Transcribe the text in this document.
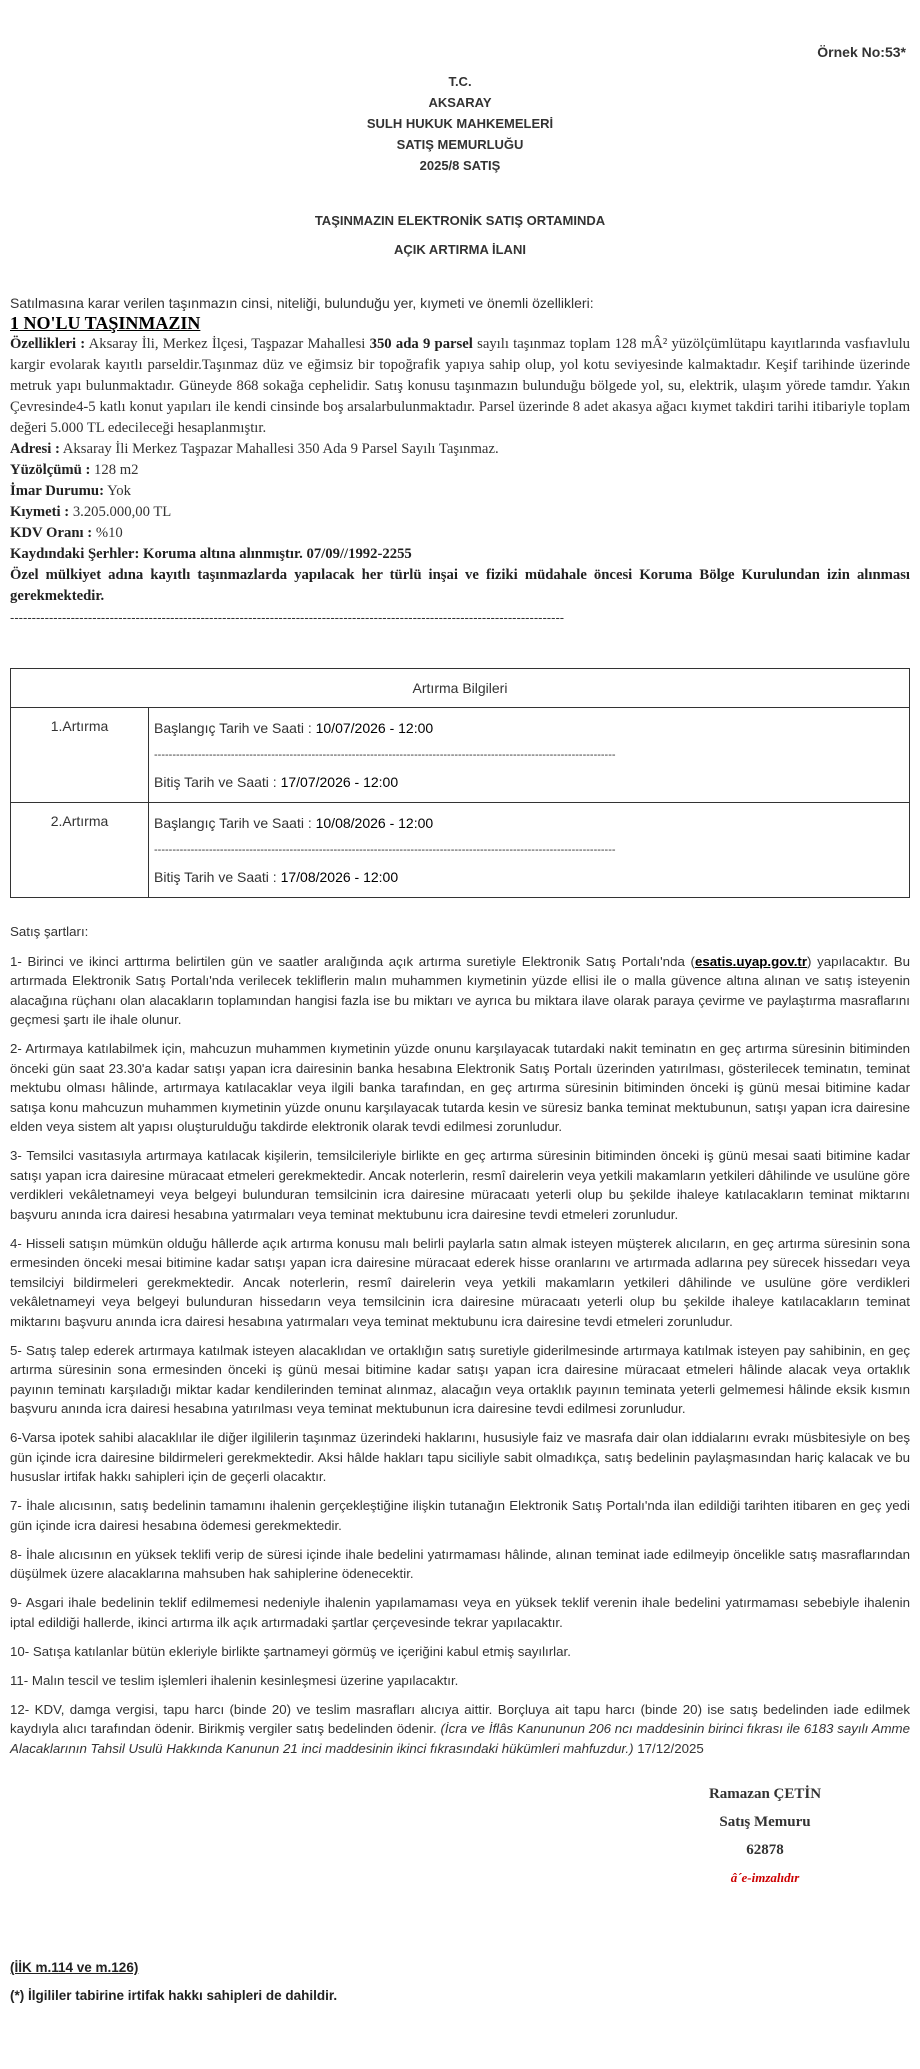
Örnek No:53*
T.C.
AKSARAY
SULH HUKUK MAHKEMELERİ
SATIŞ MEMURLUĞU
2025/8 SATIŞ
TAŞINMAZIN ELEKTRONİK SATIŞ ORTAMINDA
AÇIK ARTIRMA İLANI
Satılmasına karar verilen taşınmazın cinsi, niteliği, bulunduğu yer, kıymeti ve önemli özellikleri:

1 NO'LU TAŞINMAZIN

Özellikleri : Aksaray İli, Merkez İlçesi, Taşpazar Mahallesi 350 ada 9 parsel sayılı taşınmaz toplam 128 mÂ² yüzölçümlütapu kayıtlarında vasfıavlulu kargir evolarak kayıtlı parseldir.Taşınmaz düz ve eğimsiz bir topoğrafik yapıya sahip olup, yol kotu seviyesinde kalmaktadır. Keşif tarihinde üzerinde metruk yapı bulunmaktadır. Güneyde 868 sokağa cephelidir. Satış konusu taşınmazın bulunduğu bölgede yol, su, elektrik, ulaşım yörede tamdır. Yakın Çevresinde4-5 katlı konut yapıları ile kendi cinsinde boş arsalarbulunmaktadır. Parsel üzerinde 8 adet akasya ağacı kıymet takdiri tarihi itibariyle toplam değeri 5.000 TL edecileceği hesaplanmıştır.

Adresi : Aksaray İli Merkez Taşpazar Mahallesi 350 Ada 9 Parsel Sayılı Taşınmaz.

Yüzölçümü : 128 m2

İmar Durumu: Yok

Kıymeti : 3.205.000,00 TL

KDV Oranı : %10

Kaydındaki Şerhler: Koruma altına alınmıştır. 07/09//1992-2255

Özel mülkiyet adına kayıtlı taşınmazlarda yapılacak her türlü inşai ve fiziki müdahale öncesi Koruma Bölge Kurulundan izin alınması gerekmektedir.

--------------------------------------------------------------------------------------------------------------------------------
Artırma Bilgileri	
1.Artırma	Başlangıç Tarih ve Saati : 10/07/2026 - 12:00
------------------------------------------------------------------------------------------------------------------------------
Bitiş Tarih ve Saati : 17/07/2026 - 12:00

2.Artırma	Başlangıç Tarih ve Saati : 10/08/2026 - 12:00
------------------------------------------------------------------------------------------------------------------------------
Bitiş Tarih ve Saati : 17/08/2026 - 12:00

Satış şartları:

1- Birinci ve ikinci arttırma belirtilen gün ve saatler aralığında açık artırma suretiyle Elektronik Satış Portalı'nda (esatis.uyap.gov.tr) yapılacaktır. Bu artırmada Elektronik Satış Portalı'nda verilecek tekliflerin malın muhammen kıymetinin yüzde ellisi ile o malla güvence altına alınan ve satış isteyenin alacağına rüçhanı olan alacakların toplamından hangisi fazla ise bu miktarı ve ayrıca bu miktara ilave olarak paraya çevirme ve paylaştırma masraflarını geçmesi şartı ile ihale olunur.

2- Artırmaya katılabilmek için, mahcuzun muhammen kıymetinin yüzde onunu karşılayacak tutardaki nakit teminatın en geç artırma süresinin bitiminden önceki gün saat 23.30'a kadar satışı yapan icra dairesinin banka hesabına Elektronik Satış Portalı üzerinden yatırılması, gösterilecek teminatın, teminat mektubu olması hâlinde, artırmaya katılacaklar veya ilgili banka tarafından, en geç artırma süresinin bitiminden önceki iş günü mesai bitimine kadar satışa konu mahcuzun muhammen kıymetinin yüzde onunu karşılayacak tutarda kesin ve süresiz banka teminat mektubunun, satışı yapan icra dairesine elden veya sistem alt yapısı oluşturulduğu takdirde elektronik olarak tevdi edilmesi zorunludur.

3- Temsilci vasıtasıyla artırmaya katılacak kişilerin, temsilcileriyle birlikte en geç artırma süresinin bitiminden önceki iş günü mesai saati bitimine kadar satışı yapan icra dairesine müracaat etmeleri gerekmektedir. Ancak noterlerin, resmî dairelerin veya yetkili makamların yetkileri dâhilinde ve usulüne göre verdikleri vekâletnameyi veya belgeyi bulunduran temsilcinin icra dairesine müracaatı yeterli olup bu şekilde ihaleye katılacakların teminat miktarını başvuru anında icra dairesi hesabına yatırmaları veya teminat mektubunu icra dairesine tevdi etmeleri zorunludur.

4- Hisseli satışın mümkün olduğu hâllerde açık artırma konusu malı belirli paylarla satın almak isteyen müşterek alıcıların, en geç artırma süresinin sona ermesinden önceki mesai bitimine kadar satışı yapan icra dairesine müracaat ederek hisse oranlarını ve artırmada adlarına pey sürecek hissedarı veya temsilciyi bildirmeleri gerekmektedir. Ancak noterlerin, resmî dairelerin veya yetkili makamların yetkileri dâhilinde ve usulüne göre verdikleri vekâletnameyi veya belgeyi bulunduran hissedarın veya temsilcinin icra dairesine müracaatı yeterli olup bu şekilde ihaleye katılacakların teminat miktarını başvuru anında icra dairesi hesabına yatırmaları veya teminat mektubunu icra dairesine tevdi etmeleri zorunludur.

5- Satış talep ederek artırmaya katılmak isteyen alacaklıdan ve ortaklığın satış suretiyle giderilmesinde artırmaya katılmak isteyen pay sahibinin, en geç artırma süresinin sona ermesinden önceki iş günü mesai bitimine kadar satışı yapan icra dairesine müracaat etmeleri hâlinde alacak veya ortaklık payının teminatı karşıladığı miktar kadar kendilerinden teminat alınmaz, alacağın veya ortaklık payının teminata yeterli gelmemesi hâlinde eksik kısmın başvuru anında icra dairesi hesabına yatırılması veya teminat mektubunun icra dairesine tevdi edilmesi zorunludur.

6-Varsa ipotek sahibi alacaklılar ile diğer ilgililerin taşınmaz üzerindeki haklarını, hususiyle faiz ve masrafa dair olan iddialarını evrakı müsbitesiyle on beş gün içinde icra dairesine bildirmeleri gerekmektedir. Aksi hâlde hakları tapu siciliyle sabit olmadıkça, satış bedelinin paylaşmasından hariç kalacak ve bu hususlar irtifak hakkı sahipleri için de geçerli olacaktır.

7- İhale alıcısının, satış bedelinin tamamını ihalenin gerçekleştiğine ilişkin tutanağın Elektronik Satış Portalı'nda ilan edildiği tarihten itibaren en geç yedi gün içinde icra dairesi hesabına ödemesi gerekmektedir.

8- İhale alıcısının en yüksek teklifi verip de süresi içinde ihale bedelini yatırmaması hâlinde, alınan teminat iade edilmeyip öncelikle satış masraflarından düşülmek üzere alacaklarına mahsuben hak sahiplerine ödenecektir.

9- Asgari ihale bedelinin teklif edilmemesi nedeniyle ihalenin yapılamaması veya en yüksek teklif verenin ihale bedelini yatırmaması sebebiyle ihalenin iptal edildiği hallerde, ikinci artırma ilk açık artırmadaki şartlar çerçevesinde tekrar yapılacaktır.

10- Satışa katılanlar bütün ekleriyle birlikte şartnameyi görmüş ve içeriğini kabul etmiş sayılırlar.

11- Malın tescil ve teslim işlemleri ihalenin kesinleşmesi üzerine yapılacaktır.

12- KDV, damga vergisi, tapu harcı (binde 20) ve teslim masrafları alıcıya aittir. Borçluya ait tapu harcı (binde 20) ise satış bedelinden iade edilmek kaydıyla alıcı tarafından ödenir. Birikmiş vergiler satış bedelinden ödenir. (İcra ve İflâs Kanununun 206 ncı maddesinin birinci fıkrası ile 6183 sayılı Amme Alacaklarının Tahsil Usulü Hakkında Kanunun 21 inci maddesinin ikinci fıkrasındaki hükümleri mahfuzdur.) 17/12/2025

Ramazan ÇETİN
Satış Memuru
62878
â´e-imzalıdır
(İİK m.114 ve m.126)
(*) İlgililer tabirine irtifak hakkı sahipleri de dahildir.
